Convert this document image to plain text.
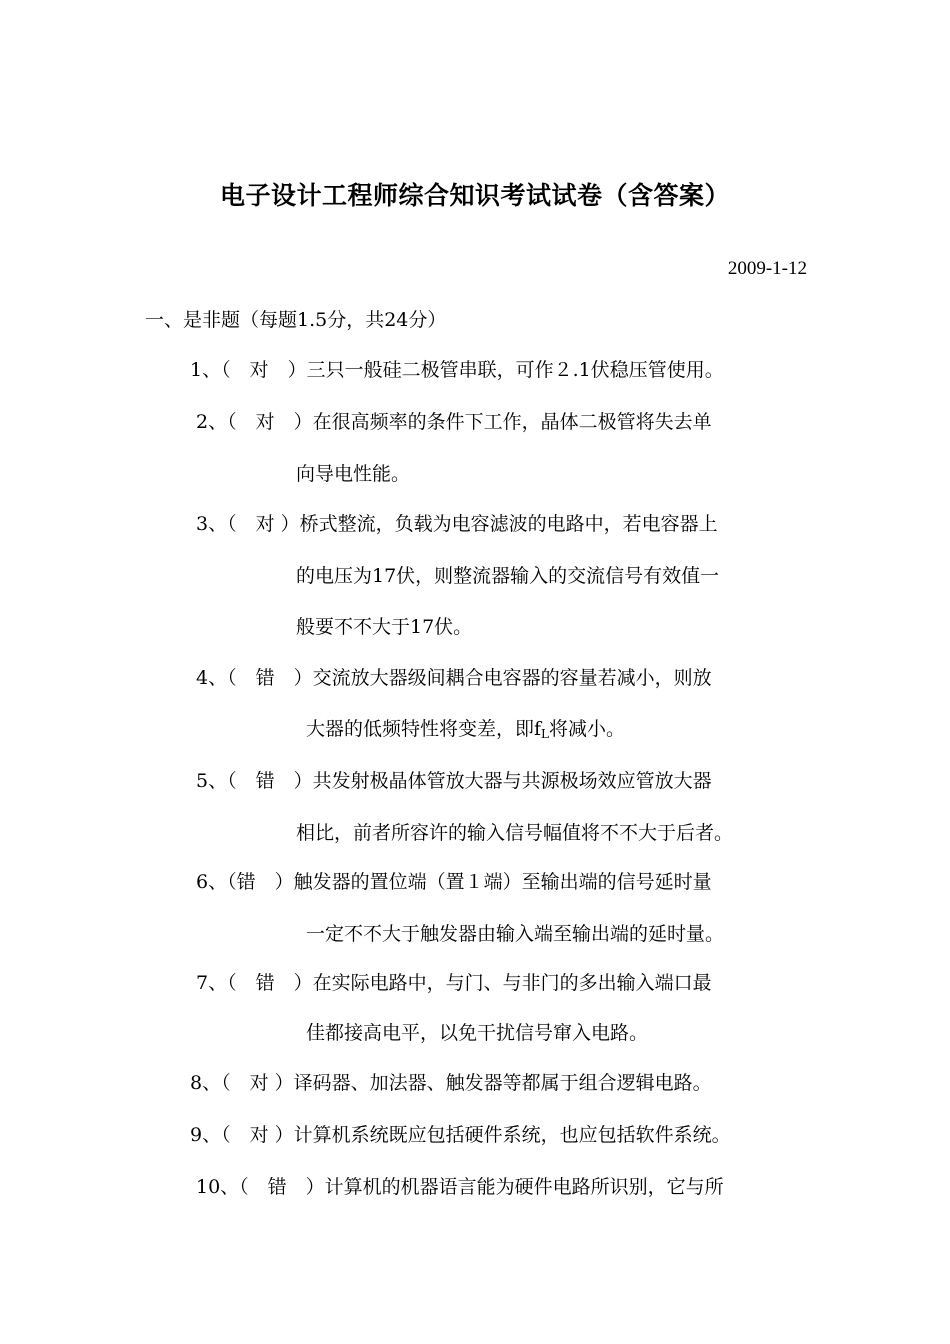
电子设计工程师综合知识考试试卷（含答案）
2009-1-12
一、是非题（每题1.5分，共24分）
1、（　对　）三只一般硅二极管串联，可作２.1伏稳压管使用。
2、（　对　）在很高频率的条件下工作，晶体二极管将失去单
向导电性能。
3、（　对 ）桥式整流，负载为电容滤波的电路中，若电容器上
的电压为17伏，则整流器输入的交流信号有效值一
般要不不大于17伏。
4、（　错　）交流放大器级间耦合电容器的容量若减小，则放
大器的低频特性将变差，即$f_L$将减小。
5、（　错　）共发射极晶体管放大器与共源极场效应管放大器
相比，前者所容许的输入信号幅值将不不大于后者。
6、（错　）触发器的置位端（置１端）至输出端的信号延时量
一定不不大于触发器由输入端至输出端的延时量。
7、（　错　）在实际电路中，与门、与非门的多出输入端口最
佳都接高电平，以免干扰信号窜入电路。
8、（　对 ）译码器、加法器、触发器等都属于组合逻辑电路。
9、（　对 ）计算机系统既应包括硬件系统，也应包括软件系统。
10、（　错　）计算机的机器语言能为硬件电路所识别，它与所
